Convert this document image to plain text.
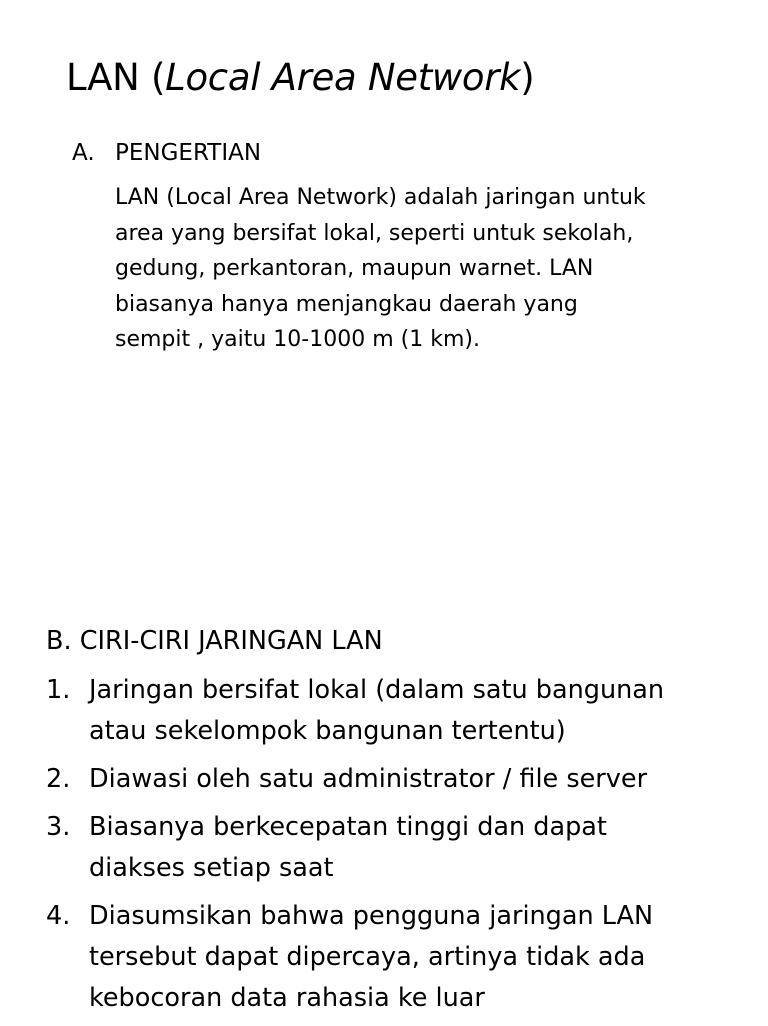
LAN (Local Area Network)
A. PENGERTIAN
LAN (Local Area Network) adalah jaringan untuk
area yang bersifat lokal, seperti untuk sekolah,
gedung, perkantoran, maupun warnet. LAN
biasanya hanya menjangkau daerah yang
sempit , yaitu 10-1000 m (1 km).
B. CIRI-CIRI JARINGAN LAN
1. Jaringan bersifat lokal (dalam satu bangunan
atau sekelompok bangunan tertentu)
2. Diawasi oleh satu administrator / file server
3. Biasanya berkecepatan tinggi dan dapat
diakses setiap saat
4. Diasumsikan bahwa pengguna jaringan LAN
tersebut dapat dipercaya, artinya tidak ada
kebocoran data rahasia ke luar
